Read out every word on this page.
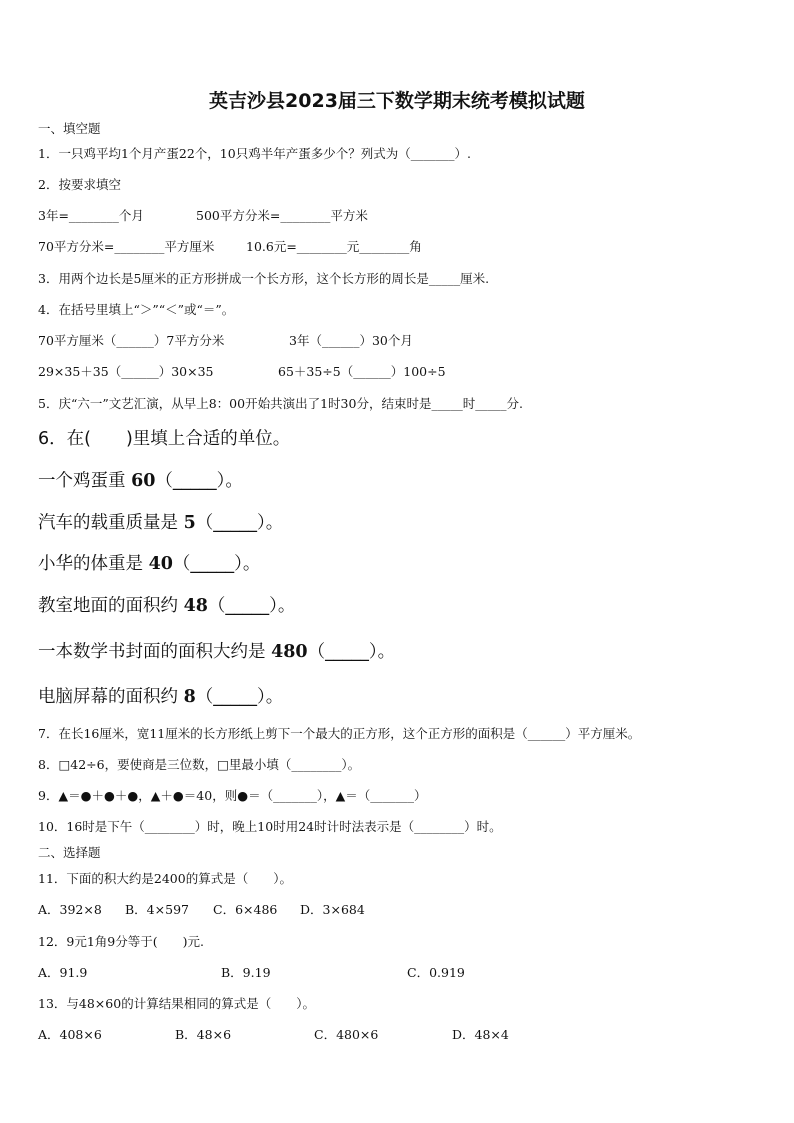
英吉沙县2023届三下数学期末统考模拟试题
一、填空题
1．一只鸡平均1个月产蛋22个，10只鸡半年产蛋多少个？列式为（_______）.
2．按要求填空
3年=________个月	500平方分米=________平方米
70平方分米=________平方厘米	10.6元=________元________角
3．用两个边长是5厘米的正方形拼成一个长方形，这个长方形的周长是_____厘米.
4．在括号里填上“＞”“＜”或“＝”。
70平方厘米（______）7平方分米	3年（______）30个月
29×35＋35（______）30×35	65＋35÷5（______）100÷5
5．庆“六一”文艺汇演，从早上8：00开始共演出了1时30分，结束时是_____时_____分.
6．在(　　)里填上合适的单位。
一个鸡蛋重 60（_____）。
汽车的载重质量是 5（_____）。
小华的体重是 40（_____）。
教室地面的面积约 48（_____）。
一本数学书封面的面积大约是 480（_____）。
电脑屏幕的面积约 8（_____）。
7．在长16厘米，宽11厘米的长方形纸上剪下一个最大的正方形，这个正方形的面积是（______）平方厘米。
8．□42÷6，要使商是三位数，□里最小填（________）。
9．▲＝●＋●＋●，▲＋●＝40，则●＝（_______），▲＝（_______）
10．16时是下午（________）时，晚上10时用24时计时法表示是（________）时。
二、选择题
11．下面的积大约是2400的算式是（　　）。
A．392×8 B．4×597 C．6×486 D．3×684
12．9元1角9分等于(　　)元.
A．91.9	B．9.19	C．0.919
13．与48×60的计算结果相同的算式是（　　）。
A．408×6	B．48×6	C．480×6	D．48×4
